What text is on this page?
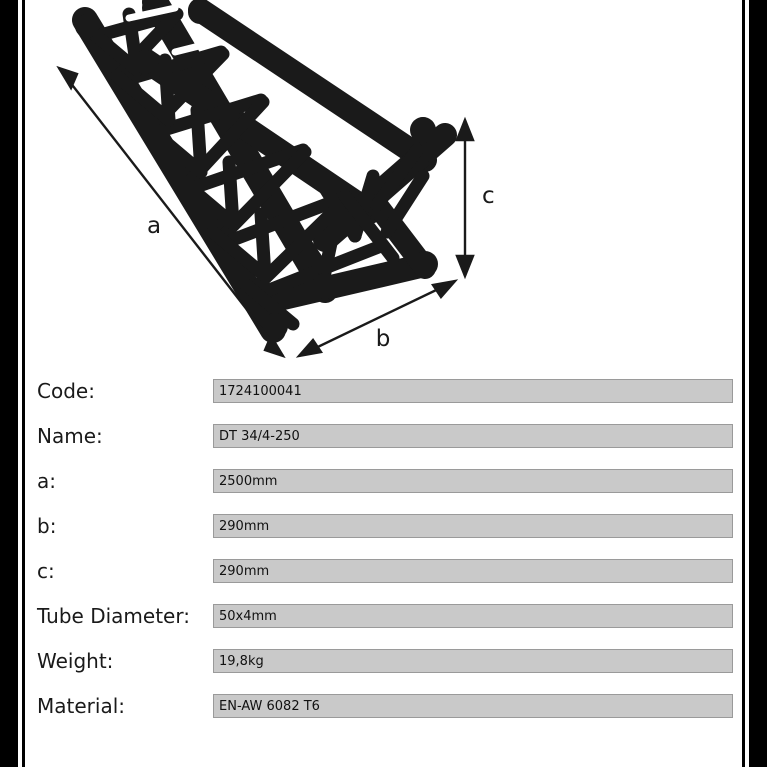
a
b
c
Code:	1724100041
Name:	DT 34/4-250
a:	2500mm
b:	290mm
c:	290mm
Tube Diameter:	50x4mm
Weight:	19,8kg
Material:	EN-AW 6082 T6
